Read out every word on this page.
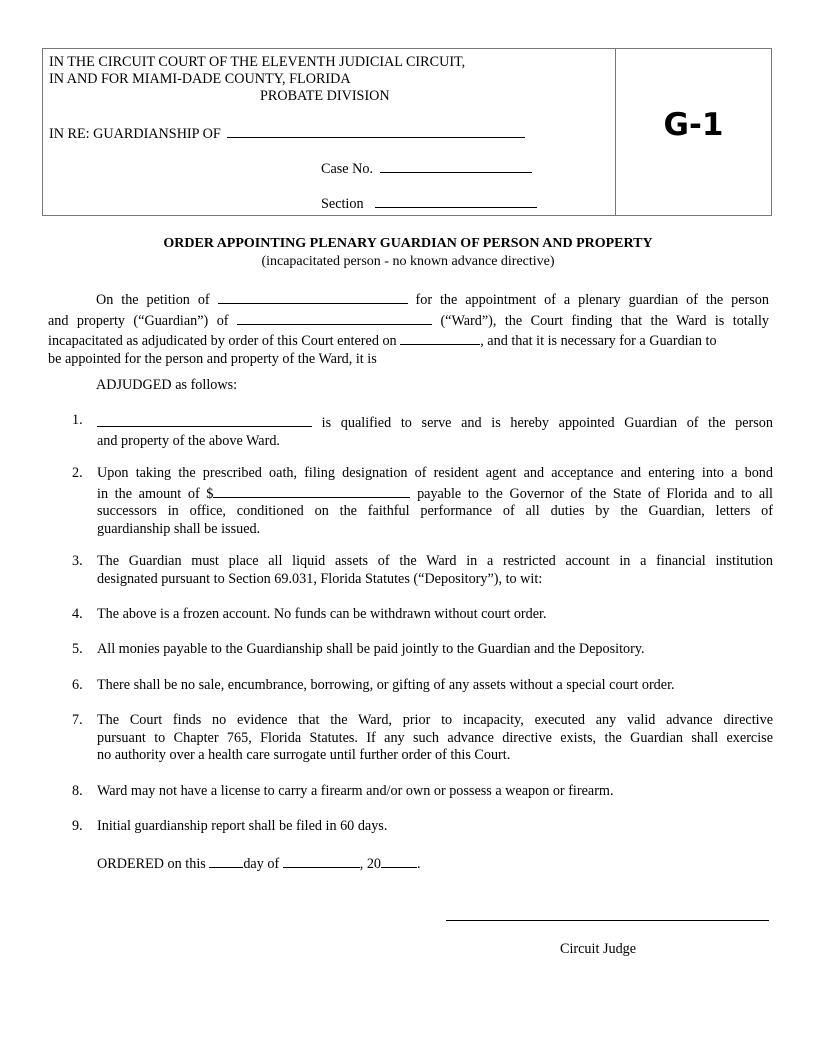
IN THE CIRCUIT COURT OF THE ELEVENTH JUDICIAL CIRCUIT,
IN AND FOR MIAMI-DADE COUNTY, FLORIDA
PROBATE DIVISION
IN RE: GUARDIANSHIP OF
Case No.
Section
G-1
ORDER APPOINTING PLENARY GUARDIAN OF PERSON AND PROPERTY
(incapacitated person - no known advance directive)
On the petition of	for the appointment of a plenary guardian of the person
and property (“Guardian”) of	(“Ward”), the Court finding that the Ward is totally
incapacitated as adjudicated by order of this Court entered on	, and that it is necessary for a Guardian to
be appointed for the person and property of the Ward, it is
ADJUDGED as follows:
1.	is qualified to serve and is hereby appointed Guardian of the person
and property of the above Ward.
2. Upon taking the prescribed oath, filing designation of resident agent and acceptance and entering into a bond
in the amount of $	payable to the Governor of the State of Florida and to all
successors in office, conditioned on the faithful performance of all duties by the Guardian, letters of
guardianship shall be issued.
3. The Guardian must place all liquid assets of the Ward in a restricted account in a financial institution
designated pursuant to Section 69.031, Florida Statutes (“Depository”), to wit:
4. The above is a frozen account. No funds can be withdrawn without court order.
5. All monies payable to the Guardianship shall be paid jointly to the Guardian and the Depository.
6. There shall be no sale, encumbrance, borrowing, or gifting of any assets without a special court order.
7. The Court finds no evidence that the Ward, prior to incapacity, executed any valid advance directive
pursuant to Chapter 765, Florida Statutes. If any such advance directive exists, the Guardian shall exercise
no authority over a health care surrogate until further order of this Court.
8. Ward may not have a license to carry a firearm and/or own or possess a weapon or firearm.
9. Initial guardianship report shall be filed in 60 days.
ORDERED on this	day of	, 20	.
Circuit Judge
